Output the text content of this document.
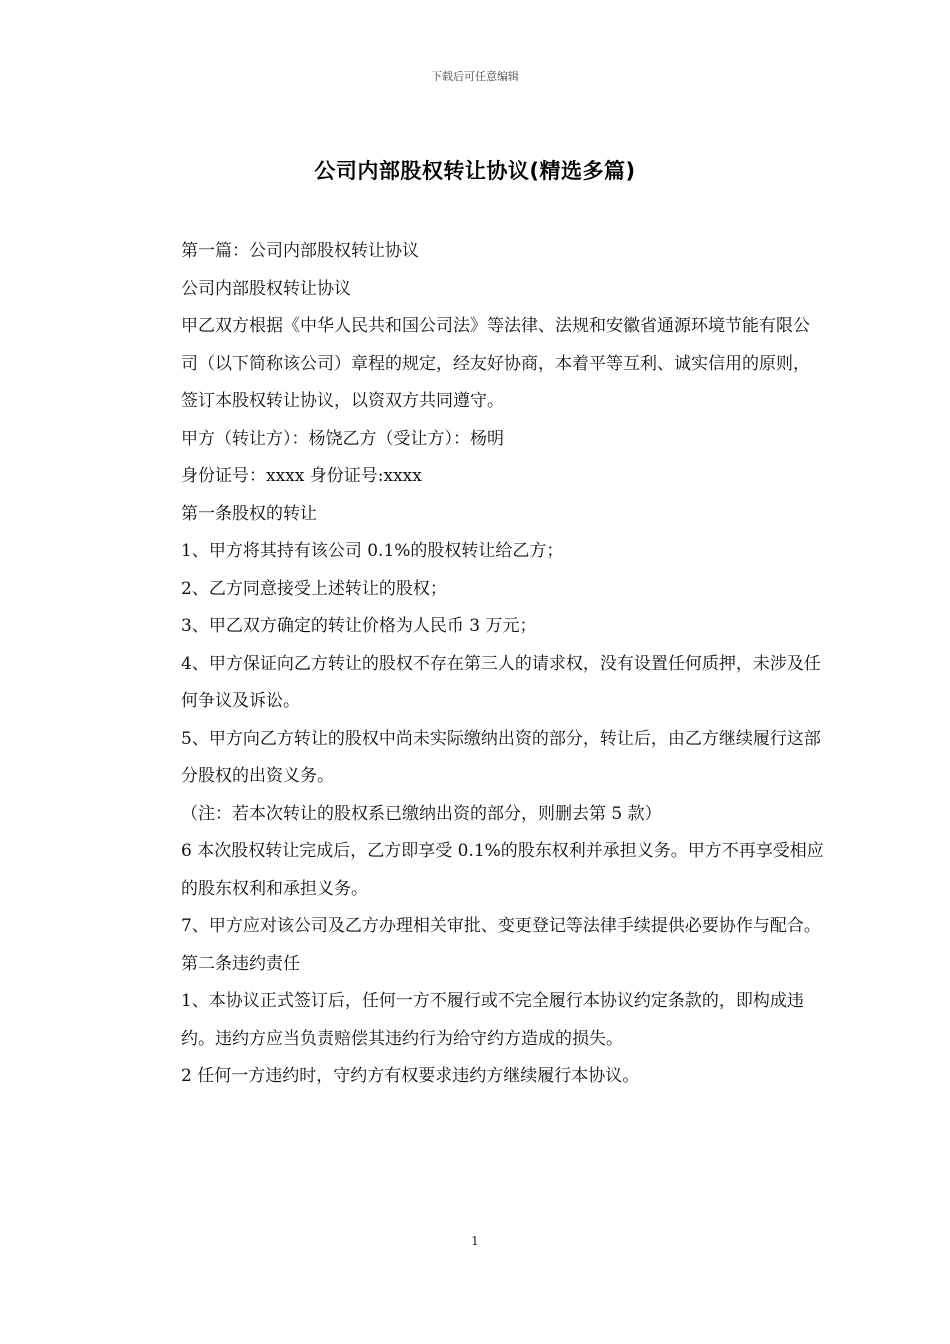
下载后可任意编辑
公司内部股权转让协议(精选多篇)

第一篇：公司内部股权转让协议

公司内部股权转让协议

甲乙双方根据《中华人民共和国公司法》等法律、法规和安徽省通源环境节能有限公司（以下简称该公司）章程的规定，经友好协商，本着平等互利、诚实信用的原则，签订本股权转让协议，以资双方共同遵守。

甲方（转让方）：杨饶乙方（受让方）：杨明

身份证号：xxxx 身份证号:xxxx

第一条股权的转让

1、甲方将其持有该公司 0.1%的股权转让给乙方；

2、乙方同意接受上述转让的股权；

3、甲乙双方确定的转让价格为人民币 3 万元；

4、甲方保证向乙方转让的股权不存在第三人的请求权，没有设置任何质押，未涉及任

何争议及诉讼。

5、甲方向乙方转让的股权中尚未实际缴纳出资的部分，转让后，由乙方继续履行这部分股权的出资义务。

（注：若本次转让的股权系已缴纳出资的部分，则删去第 5 款）

6 本次股权转让完成后，乙方即享受 0.1%的股东权利并承担义务。甲方不再享受相应

的股东权利和承担义务。

7、甲方应对该公司及乙方办理相关审批、变更登记等法律手续提供必要协作与配合。

第二条违约责任

1、本协议正式签订后，任何一方不履行或不完全履行本协议约定条款的，即构成违约。违约方应当负责赔偿其违约行为给守约方造成的损失。

2 任何一方违约时，守约方有权要求违约方继续履行本协议。

1
